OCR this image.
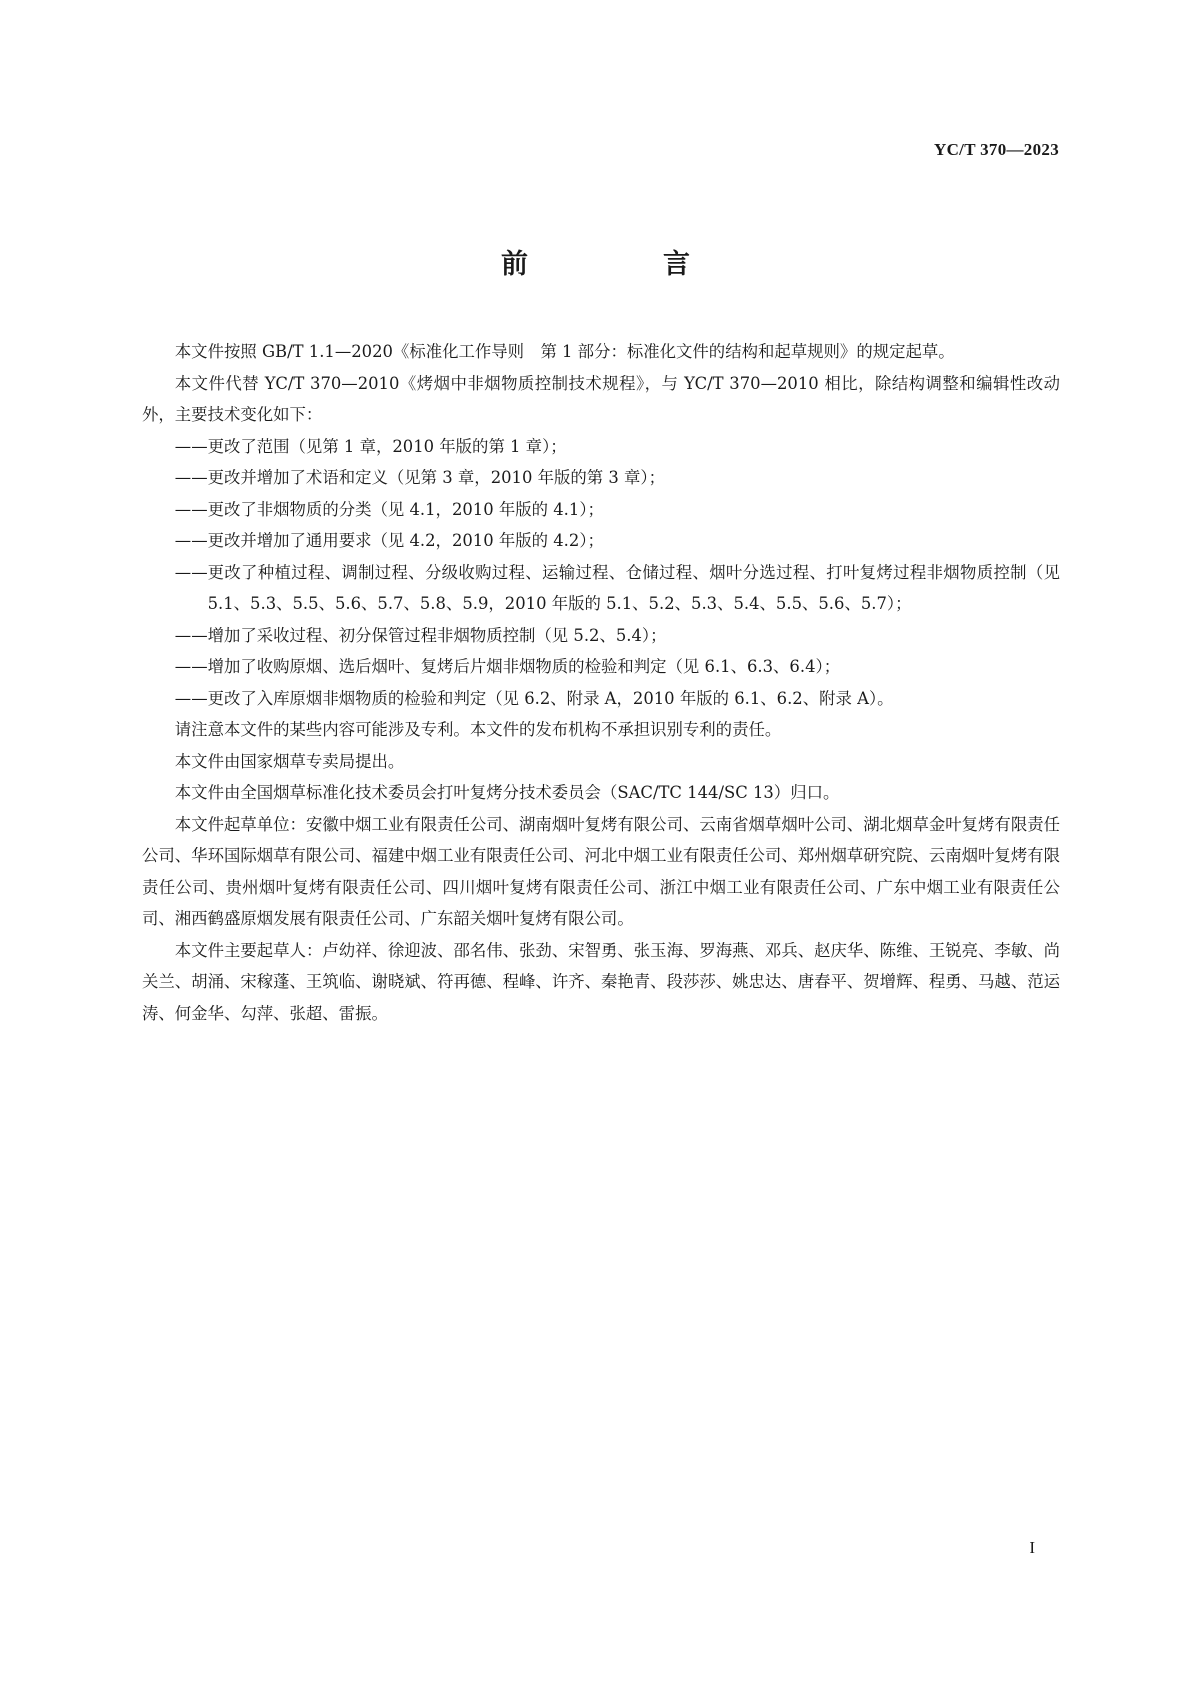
YC/T 370—2023
前　言

本文件按照 GB/T 1.1—2020《标准化工作导则　第 1 部分：标准化文件的结构和起草规则》的规定起草。

本文件代替 YC/T 370—2010《烤烟中非烟物质控制技术规程》，与 YC/T 370—2010 相比，除结构调整和编辑性改动外，主要技术变化如下：

—— 更改了范围（见第 1 章，2010 年版的第 1 章）；
—— 更改并增加了术语和定义（见第 3 章，2010 年版的第 3 章）；
—— 更改了非烟物质的分类（见 4.1，2010 年版的 4.1）；
—— 更改并增加了通用要求（见 4.2，2010 年版的 4.2）；
—— 更改了种植过程、调制过程、分级收购过程、运输过程、仓储过程、烟叶分选过程、打叶复烤过程非烟物质控制（见 5.1、5.3、5.5、5.6、5.7、5.8、5.9，2010 年版的 5.1、5.2、5.3、5.4、5.5、5.6、5.7）；
—— 增加了采收过程、初分保管过程非烟物质控制（见 5.2、5.4）；
—— 增加了收购原烟、选后烟叶、复烤后片烟非烟物质的检验和判定（见 6.1、6.3、6.4）；
—— 更改了入库原烟非烟物质的检验和判定（见 6.2、附录 A，2010 年版的 6.1、6.2、附录 A）。

请注意本文件的某些内容可能涉及专利。本文件的发布机构不承担识别专利的责任。

本文件由国家烟草专卖局提出。

本文件由全国烟草标准化技术委员会打叶复烤分技术委员会（SAC/TC 144/SC 13）归口。

本文件起草单位：安徽中烟工业有限责任公司、湖南烟叶复烤有限公司、云南省烟草烟叶公司、湖北烟草金叶复烤有限责任公司、华环国际烟草有限公司、福建中烟工业有限责任公司、河北中烟工业有限责任公司、郑州烟草研究院、云南烟叶复烤有限责任公司、贵州烟叶复烤有限责任公司、四川烟叶复烤有限责任公司、浙江中烟工业有限责任公司、广东中烟工业有限责任公司、湘西鹤盛原烟发展有限责任公司、广东韶关烟叶复烤有限公司。

本文件主要起草人：卢幼祥、徐迎波、邵名伟、张劲、宋智勇、张玉海、罗海燕、邓兵、赵庆华、陈维、王锐亮、李敏、尚关兰、胡涌、宋稼蓬、王筑临、谢晓斌、符再德、程峰、许齐、秦艳青、段莎莎、姚忠达、唐春平、贺增辉、程勇、马越、范运涛、何金华、勾萍、张超、雷振。

I
